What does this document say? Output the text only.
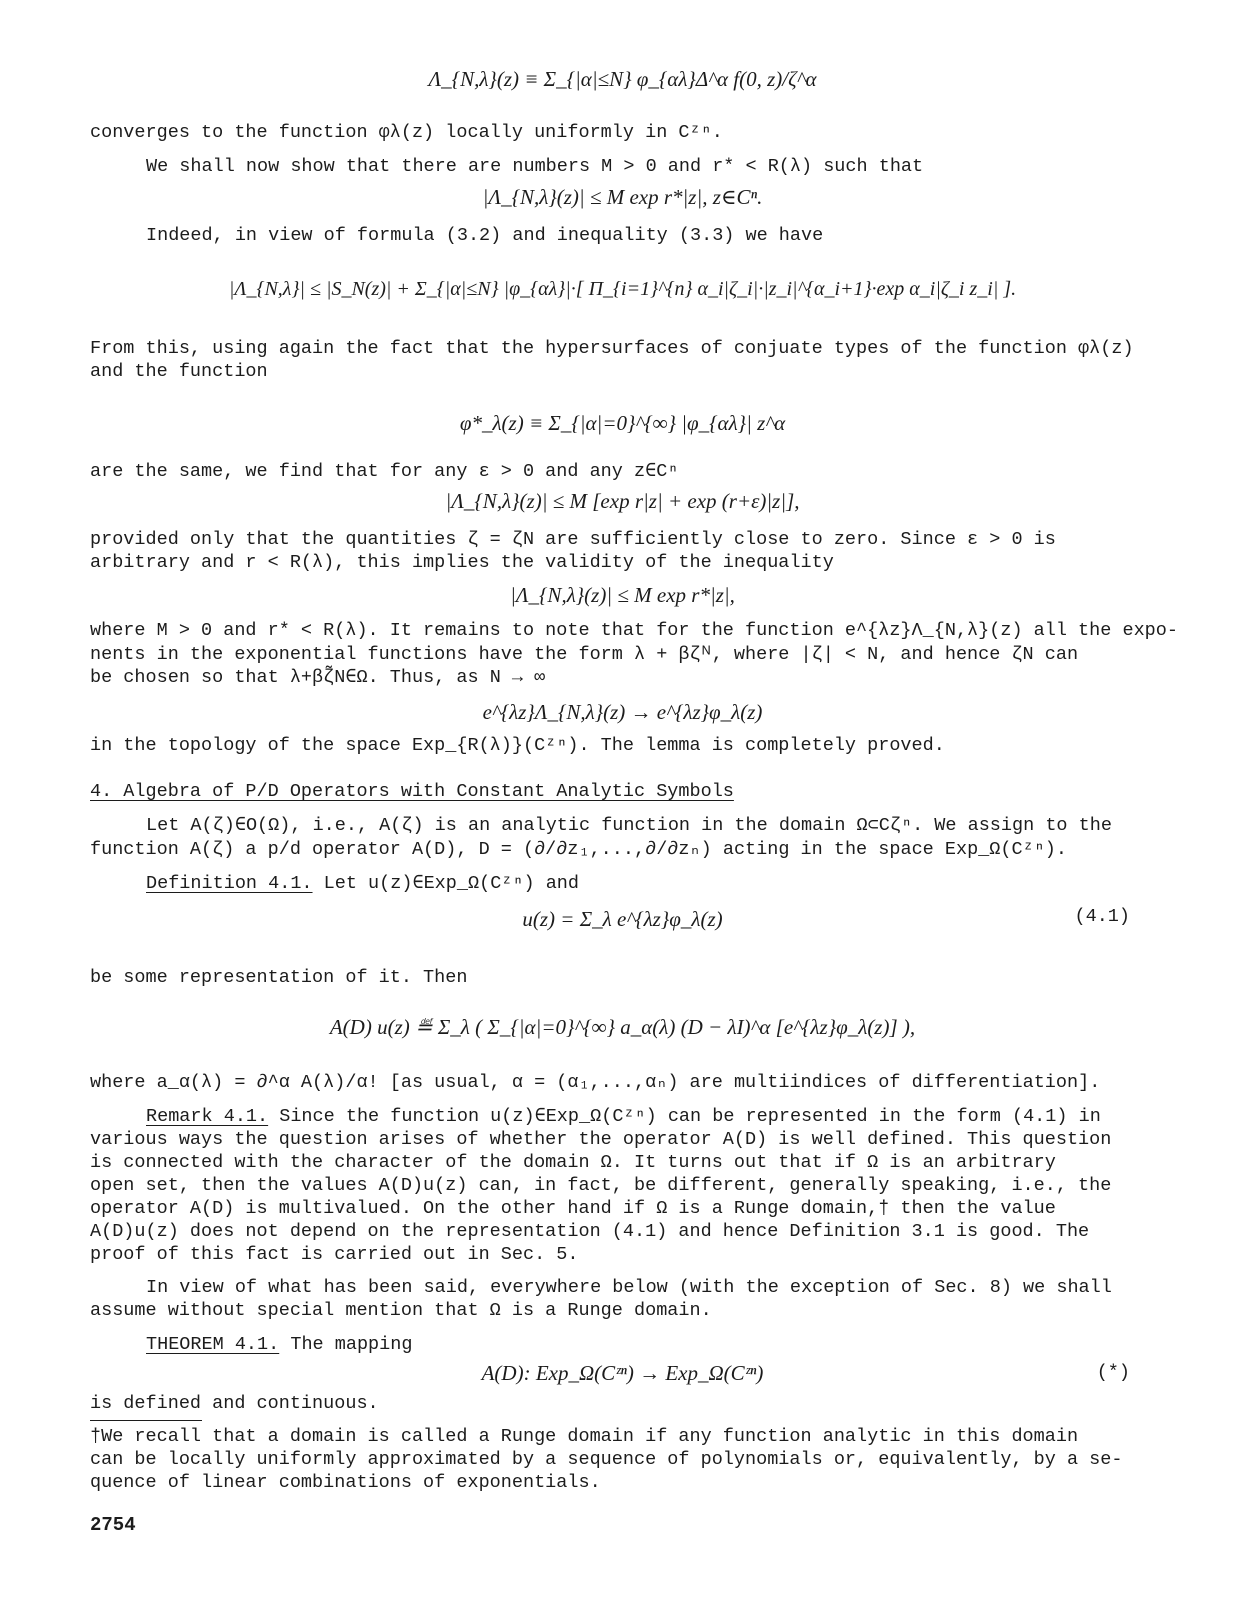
Λ_{N,λ}(z) ≡ Σ_{|α|≤N} φ_{αλ}Δ^α f(0, z)/ζ^α
converges to the function φλ(z) locally uniformly in Cᶻⁿ.
We shall now show that there are numbers M > 0 and r* < R(λ) such that
|Λ_{N,λ}(z)| ≤ M exp r*|z|, z∈Cⁿ.
Indeed, in view of formula (3.2) and inequality (3.3) we have
|Λ_{N,λ}| ≤ |S_N(z)| + Σ_{|α|≤N} |φ_{αλ}|·[ Π_{i=1}^{n} α_i|ζ_i|·|z_i|^{α_i+1}·exp α_i|ζ_i z_i| ].
From this, using again the fact that the hypersurfaces of conjuate types of the function φλ(z)
and the function
φ*_λ(z) ≡ Σ_{|α|=0}^{∞} |φ_{αλ}| z^α
are the same, we find that for any ε > 0 and any z∈Cⁿ
|Λ_{N,λ}(z)| ≤ M [exp r|z| + exp (r+ε)|z|],
provided only that the quantities ζ = ζN are sufficiently close to zero. Since ε > 0 is
arbitrary and r < R(λ), this implies the validity of the inequality
|Λ_{N,λ}(z)| ≤ M exp r*|z|,
where M > 0 and r* < R(λ). It remains to note that for the function e^{λz}Λ_{N,λ}(z) all the expo-
nents in the exponential functions have the form λ + βζᴺ, where |ζ| < N, and hence ζN can
be chosen so that λ+βζ̃N∈Ω. Thus, as N → ∞
e^{λz}Λ_{N,λ}(z) → e^{λz}φ_λ(z)
in the topology of the space Exp_{R(λ)}(Cᶻⁿ). The lemma is completely proved.
4. Algebra of P/D Operators with Constant Analytic Symbols
Let A(ζ)∈O(Ω), i.e., A(ζ) is an analytic function in the domain Ω⊂Cζⁿ. We assign to the
function A(ζ) a p/d operator A(D), D = (∂/∂z₁,...,∂/∂zₙ) acting in the space Exp_Ω(Cᶻⁿ).
Definition 4.1. Let u(z)∈Exp_Ω(Cᶻⁿ) and
u(z) = Σ_λ e^{λz}φ_λ(z)	(4.1)
be some representation of it. Then
A(D) u(z) ≝ Σ_λ ( Σ_{|α|=0}^{∞} a_α(λ) (D − λI)^α [e^{λz}φ_λ(z)] ),
where a_α(λ) = ∂^α A(λ)/α! [as usual, α = (α₁,...,αₙ) are multiindices of differentiation].
Remark 4.1. Since the function u(z)∈Exp_Ω(Cᶻⁿ) can be represented in the form (4.1) in
various ways the question arises of whether the operator A(D) is well defined. This question
is connected with the character of the domain Ω. It turns out that if Ω is an arbitrary
open set, then the values A(D)u(z) can, in fact, be different, generally speaking, i.e., the
operator A(D) is multivalued. On the other hand if Ω is a Runge domain,† then the value
A(D)u(z) does not depend on the representation (4.1) and hence Definition 3.1 is good. The
proof of this fact is carried out in Sec. 5.
In view of what has been said, everywhere below (with the exception of Sec. 8) we shall
assume without special mention that Ω is a Runge domain.
THEOREM 4.1. The mapping
A(D): Exp_Ω(Cᶻⁿ) → Exp_Ω(Cᶻⁿ)	(*)
is defined and continuous.
†We recall that a domain is called a Runge domain if any function analytic in this domain
can be locally uniformly approximated by a sequence of polynomials or, equivalently, by a se-
quence of linear combinations of exponentials.
2754
